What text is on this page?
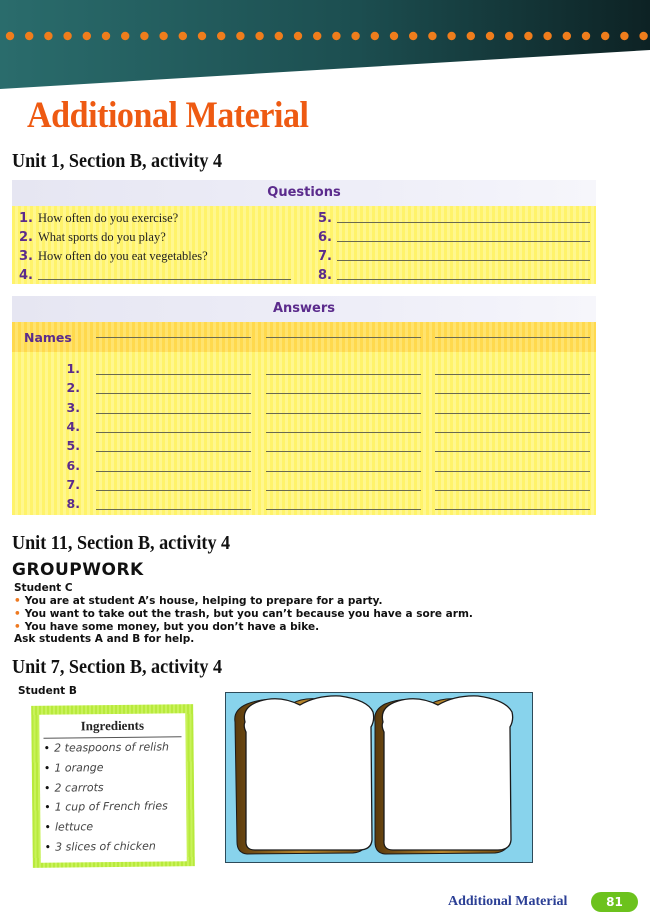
Additional Material
Unit 1, Section B, activity 4
Questions
1. How often do you exercise?
2. What sports do you play?
3. How often do you eat vegetables?
4.
5.
6.
7.
8.
Answers
Names
1.
2.
3.
4.
5.
6.
7.
8.
Unit 11, Section B, activity 4
GROUPWORK
Student C
• You are at student A’s house, helping to prepare for a party.
• You want to take out the trash, but you can’t because you have a sore arm.
• You have some money, but you don’t have a bike.
Ask students A and B for help.
Unit 7, Section B, activity 4
Student B
Ingredients
• 2 teaspoons of relish
• 1 orange
• 2 carrots
• 1 cup of French fries
• lettuce
• 3 slices of chicken
Additional Material	81
